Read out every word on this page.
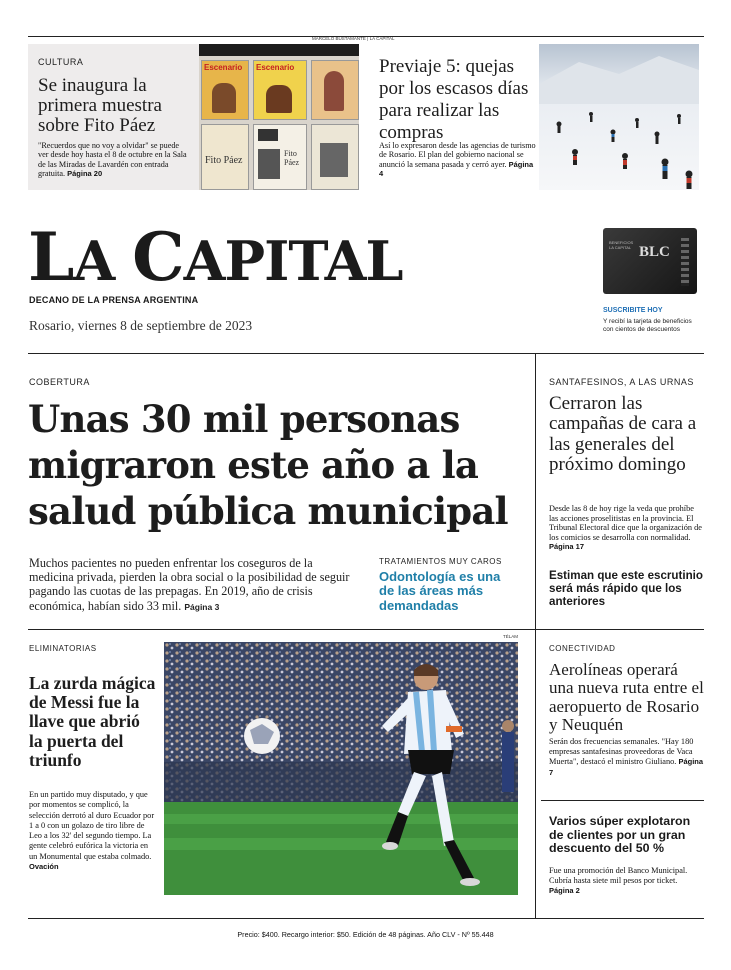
CULTURA
Se inaugura la primera muestra sobre Fito Páez
"Recuerdos que no voy a olvidar" se puede ver desde hoy hasta el 8 de octubre en la Sala de las Miradas de Lavardén con entrada gratuita. Página 20
Escenario Escenario
Fito Páez
Fito Páez
MARCELO BUSTAMANTE | LA CAPITAL
Previaje 5: quejas por los escasos días para realizar las compras
Así lo expresaron desde las agencias de turismo de Rosario. El plan del gobierno nacional se anunció la semana pasada y cerró ayer. Página 4
LA CAPITAL
DECANO DE LA PRENSA ARGENTINA
Rosario, viernes 8 de septiembre de 2023
BENEFICIOS LA CAPITAL BLC
SUSCRIBITE HOY
Y recibí la tarjeta de beneficios con cientos de descuentos
COBERTURA
Unas 30 mil personas migraron este año a la salud pública municipal
Muchos pacientes no pueden enfrentar los coseguros de la medicina privada, pierden la obra social o la posibilidad de seguir pagando las cuotas de las prepagas. En 2019, año de crisis económica, habían sido 33 mil. Página 3
TRATAMIENTOS MUY CAROS
Odontología es una de las áreas más demandadas
SANTAFESINOS, A LAS URNAS
Cerraron las campañas de cara a las generales del próximo domingo
Desde las 8 de hoy rige la veda que prohíbe las acciones proselitistas en la provincia. El Tribunal Electoral dice que la organización de los comicios se desarrolla con normalidad. Página 17
Estiman que este escrutinio será más rápido que los anteriores
ELIMINATORIAS
La zurda mágica de Messi fue la llave que abrió la puerta del triunfo
En un partido muy disputado, y que por momentos se complicó, la selección derrotó al duro Ecuador por 1 a 0 con un golazo de tiro libre de Leo a los 32' del segundo tiempo. La gente celebró eufórica la victoria en un Monumental que estaba colmado. Ovación
TÉLAM
CONECTIVIDAD
Aerolíneas operará una nueva ruta entre el aeropuerto de Rosario y Neuquén
Serán dos frecuencias semanales. "Hay 180 empresas santafesinas proveedoras de Vaca Muerta", destacó el ministro Giuliano. Página 7
Varios súper explotaron de clientes por un gran descuento del 50 %
Fue una promoción del Banco Municipal. Cubría hasta siete mil pesos por ticket. Página 2
Precio: $400. Recargo interior: $50. Edición de 48 páginas. Año CLV - Nº 55.448
